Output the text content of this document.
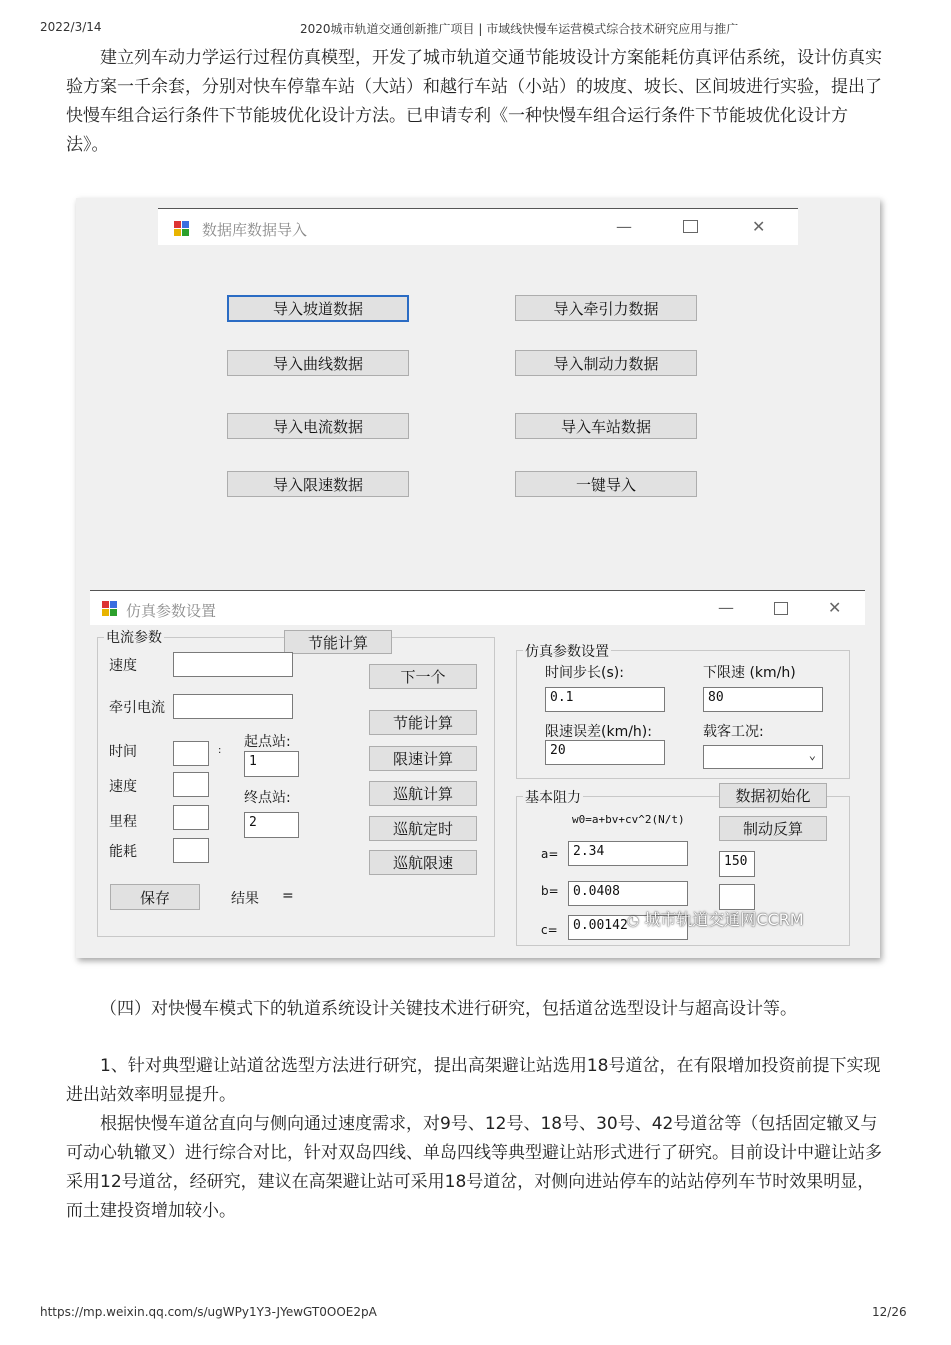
2022/3/14	2020城市轨道交通创新推广项目 | 市域线快慢车运营模式综合技术研究应用与推广

建立列车动力学运行过程仿真模型，开发了城市轨道交通节能坡设计方案能耗仿真评估系统，设计仿真实验方案一千余套，分别对快车停靠车站（大站）和越行车站（小站）的坡度、坡长、区间坡进行实验，提出了快慢车组合运行条件下节能坡优化设计方法。已申请专利《一种快慢车组合运行条件下节能坡优化设计方法》。

数据库数据导入	—	✕
导入坡道数据	导入牵引力数据
导入曲线数据	导入制动力数据
导入电流数据	导入车站数据
导入限速数据	一键导入
仿真参数设置	—	✕
电流参数	节能计算
速度
牵引电流
时间	:
速度
里程
能耗
起点站:
1
终点站:
2
保存	结果 =
下一个
节能计算
限速计算
巡航计算
巡航定时
巡航限速
仿真参数设置
时间步长(s):
0.1
下限速 (km/h)
80
限速误差(km/h):
20
载客工况:
⌄
基本阻力
w0=a+bv+cv^2(N/t)
a=	2.34
b=	0.0408
c=	0.00142
数据初始化
制动反算
150
◔ 城市轨道交通网CCRM

（四）对快慢车模式下的轨道系统设计关键技术进行研究，包括道岔选型设计与超高设计等。

1、针对典型避让站道岔选型方法进行研究，提出高架避让站选用18号道岔，在有限增加投资前提下实现进出站效率明显提升。

根据快慢车道岔直向与侧向通过速度需求，对9号、12号、18号、30号、42号道岔等（包括固定辙叉与可动心轨辙叉）进行综合对比，针对双岛四线、单岛四线等典型避让站形式进行了研究。目前设计中避让站多采用12号道岔，经研究，建议在高架避让站可采用18号道岔，对侧向进站停车的站站停列车节时效果明显，而土建投资增加较小。

https://mp.weixin.qq.com/s/ugWPy1Y3-JYewGT0OOE2pA	12/26
